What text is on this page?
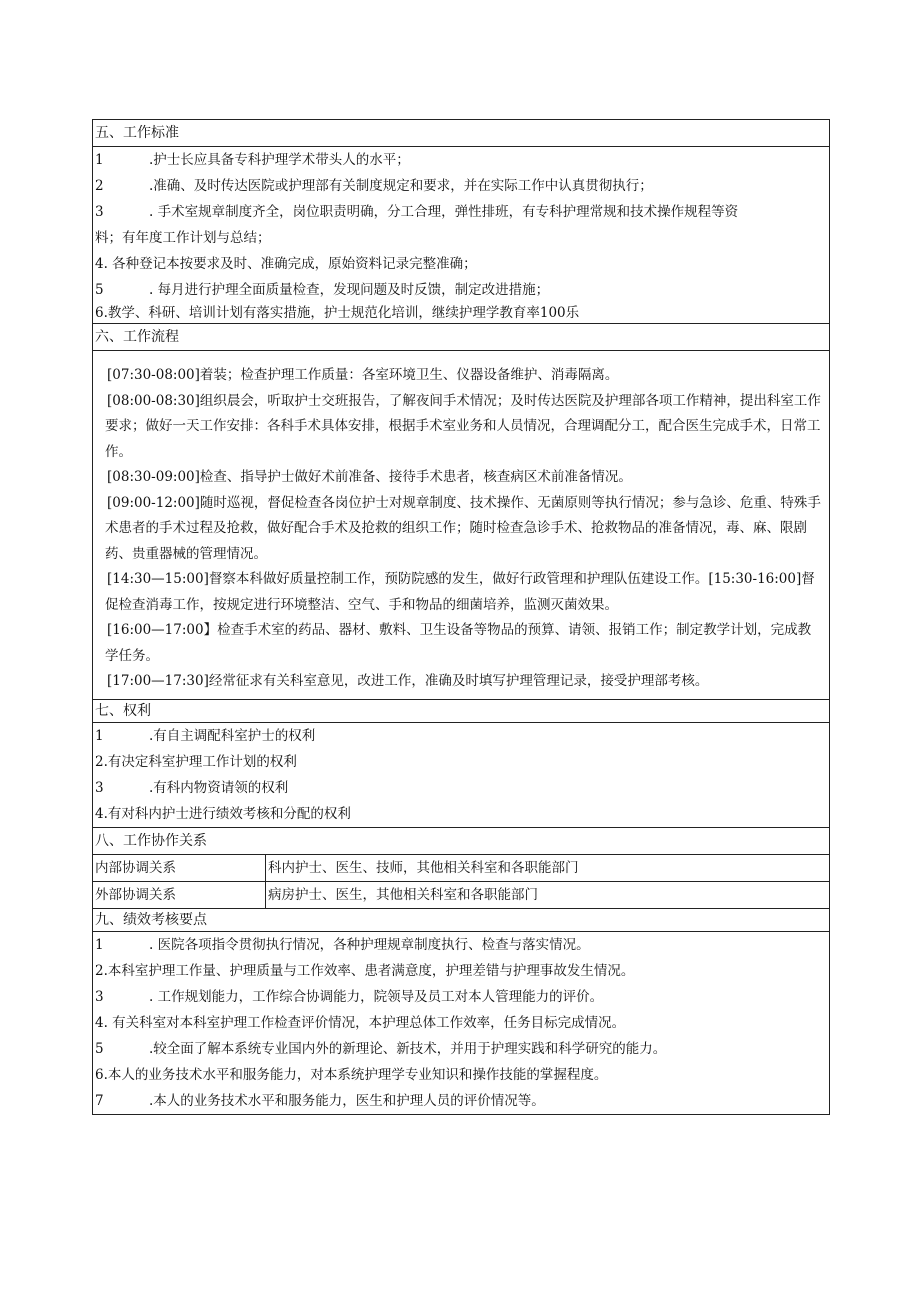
五、工作标准
1	.护士长应具备专科护理学术带头人的水平；
2	.准确、及时传达医院或护理部有关制度规定和要求，并在实际工作中认真贯彻执行；
3	. 手术室规章制度齐全，岗位职责明确，分工合理，弹性排班，有专科护理常规和技术操作规程等资
料；有年度工作计划与总结；
4. 各种登记本按要求及时、准确完成，原始资料记录完整准确；
5	. 每月进行护理全面质量检查，发现问题及时反馈，制定改进措施；
6.教学、科研、培训计划有落实措施，护士规范化培训，继续护理学教育率100乐
六、工作流程
[07:30-08:00]着装；检查护理工作质量：各室环境卫生、仪器设备维护、消毒隔离。
[08:00-08:30]组织晨会，听取护士交班报告，了解夜间手术情况；及时传达医院及护理部各项工作精神，提出科室工作要求；做好一天工作安排：各科手术具体安排，根据手术室业务和人员情况，合理调配分工，配合医生完成手术，日常工作。
[08:30-09:00]检查、指导护士做好术前准备、接待手术患者，核查病区术前准备情况。
[09:00-12:00]随时巡视，督促检查各岗位护士对规章制度、技术操作、无菌原则等执行情况；参与急诊、危重、特殊手术患者的手术过程及抢救，做好配合手术及抢救的组织工作；随时检查急诊手术、抢救物品的准备情况，毒、麻、限剧药、贵重器械的管理情况。
[14:30—15:00]督察本科做好质量控制工作，预防院感的发生，做好行政管理和护理队伍建设工作。[15:30-16:00]督促检查消毒工作，按规定进行环境整洁、空气、手和物品的细菌培养，监测灭菌效果。
[16:00—17:00】检查手术室的药品、器材、敷料、卫生设备等物品的预算、请领、报销工作；制定教学计划，完成教学任务。
[17:00—17:30]经常征求有关科室意见，改进工作，准确及时填写护理管理记录，接受护理部考核。
七、权利
1	.有自主调配科室护士的权利
2.有决定科室护理工作计划的权利
3	.有科内物资请领的权利
4.有对科内护士进行绩效考核和分配的权利
八、工作协作关系
内部协调关系	科内护士、医生、技师，其他相关科室和各职能部门
外部协调关系	病房护士、医生，其他相关科室和各职能部门
九、绩效考核要点
1	. 医院各项指令贯彻执行情况，各种护理规章制度执行、检查与落实情况。
2.本科室护理工作量、护理质量与工作效率、患者满意度，护理差错与护理事故发生情况。
3	. 工作规划能力，工作综合协调能力，院领导及员工对本人管理能力的评价。
4. 有关科室对本科室护理工作检查评价情况，本护理总体工作效率，任务目标完成情况。
5	.较全面了解本系统专业国内外的新理论、新技术，并用于护理实践和科学研究的能力。
6.本人的业务技术水平和服务能力，对本系统护理学专业知识和操作技能的掌握程度。
7	.本人的业务技术水平和服务能力，医生和护理人员的评价情况等。
